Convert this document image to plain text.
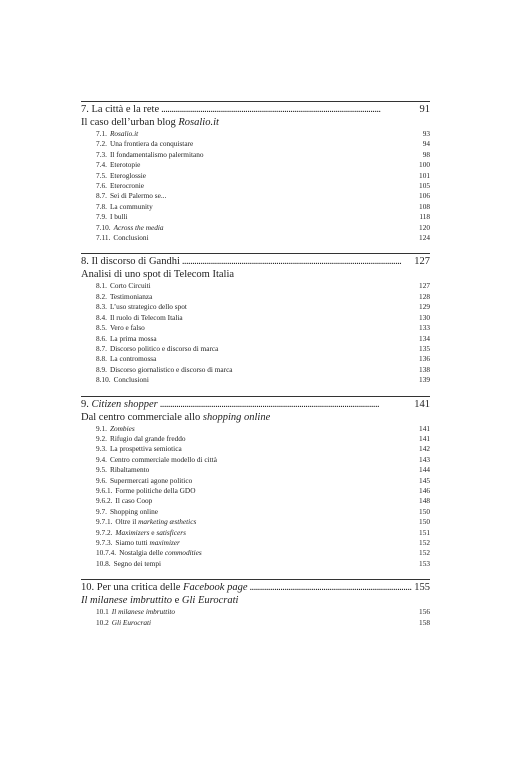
7. La città e la rete . . .	91
Il caso dell’urban blog Rosalio.it
7.1. Rosalio.it	93
7.2. Una frontiera da conquistare	94
7.3. Il fondamentalismo palermitano	98
7.4. Eterotopie	100
7.5. Eteroglossie	101
7.6. Eterocronie	105
8.7. Sei di Palermo se...	106
7.8. La community	108
7.9. I bulli	118
7.10. Across the media	120
7.11. Conclusioni	124
8. Il discorso di Gandhi . . .	127
Analisi di uno spot di Telecom Italia
8.1. Corto Circuiti	127
8.2. Testimonianza	128
8.3. L’uso strategico dello spot	129
8.4. Il ruolo di Telecom Italia	130
8.5. Vero e falso	133
8.6. La prima mossa	134
8.7. Discorso politico e discorso di marca	135
8.8. La contromossa	136
8.9. Discorso giornalistico e discorso di marca	138
8.10. Conclusioni	139
9. Citizen shopper . . .	141
Dal centro commerciale allo shopping online
9.1. Zombies	141
9.2. Rifugio dal grande freddo	141
9.3. La prospettiva semiotica	142
9.4. Centro commerciale modello di città	143
9.5. Ribaltamento	144
9.6. Supermercati agone politico	145
9.6.1. Forme politiche della GDO	146
9.6.2. Il caso Coop	148
9.7. Shopping online	150
9.7.1. Oltre il marketing æsthetics	150
9.7.2. Maximizers e satisficers	151
9.7.3. Siamo tutti maximizer	152
10.7.4. Nostalgia delle commodities	152
10.8. Segno dei tempi	153
10. Per una critica delle Facebook page . . .	155
Il milanese imbruttito e Gli Eurocrati
10.1 Il milanese imbruttito	156
10.2 Gli Eurocrati	158
